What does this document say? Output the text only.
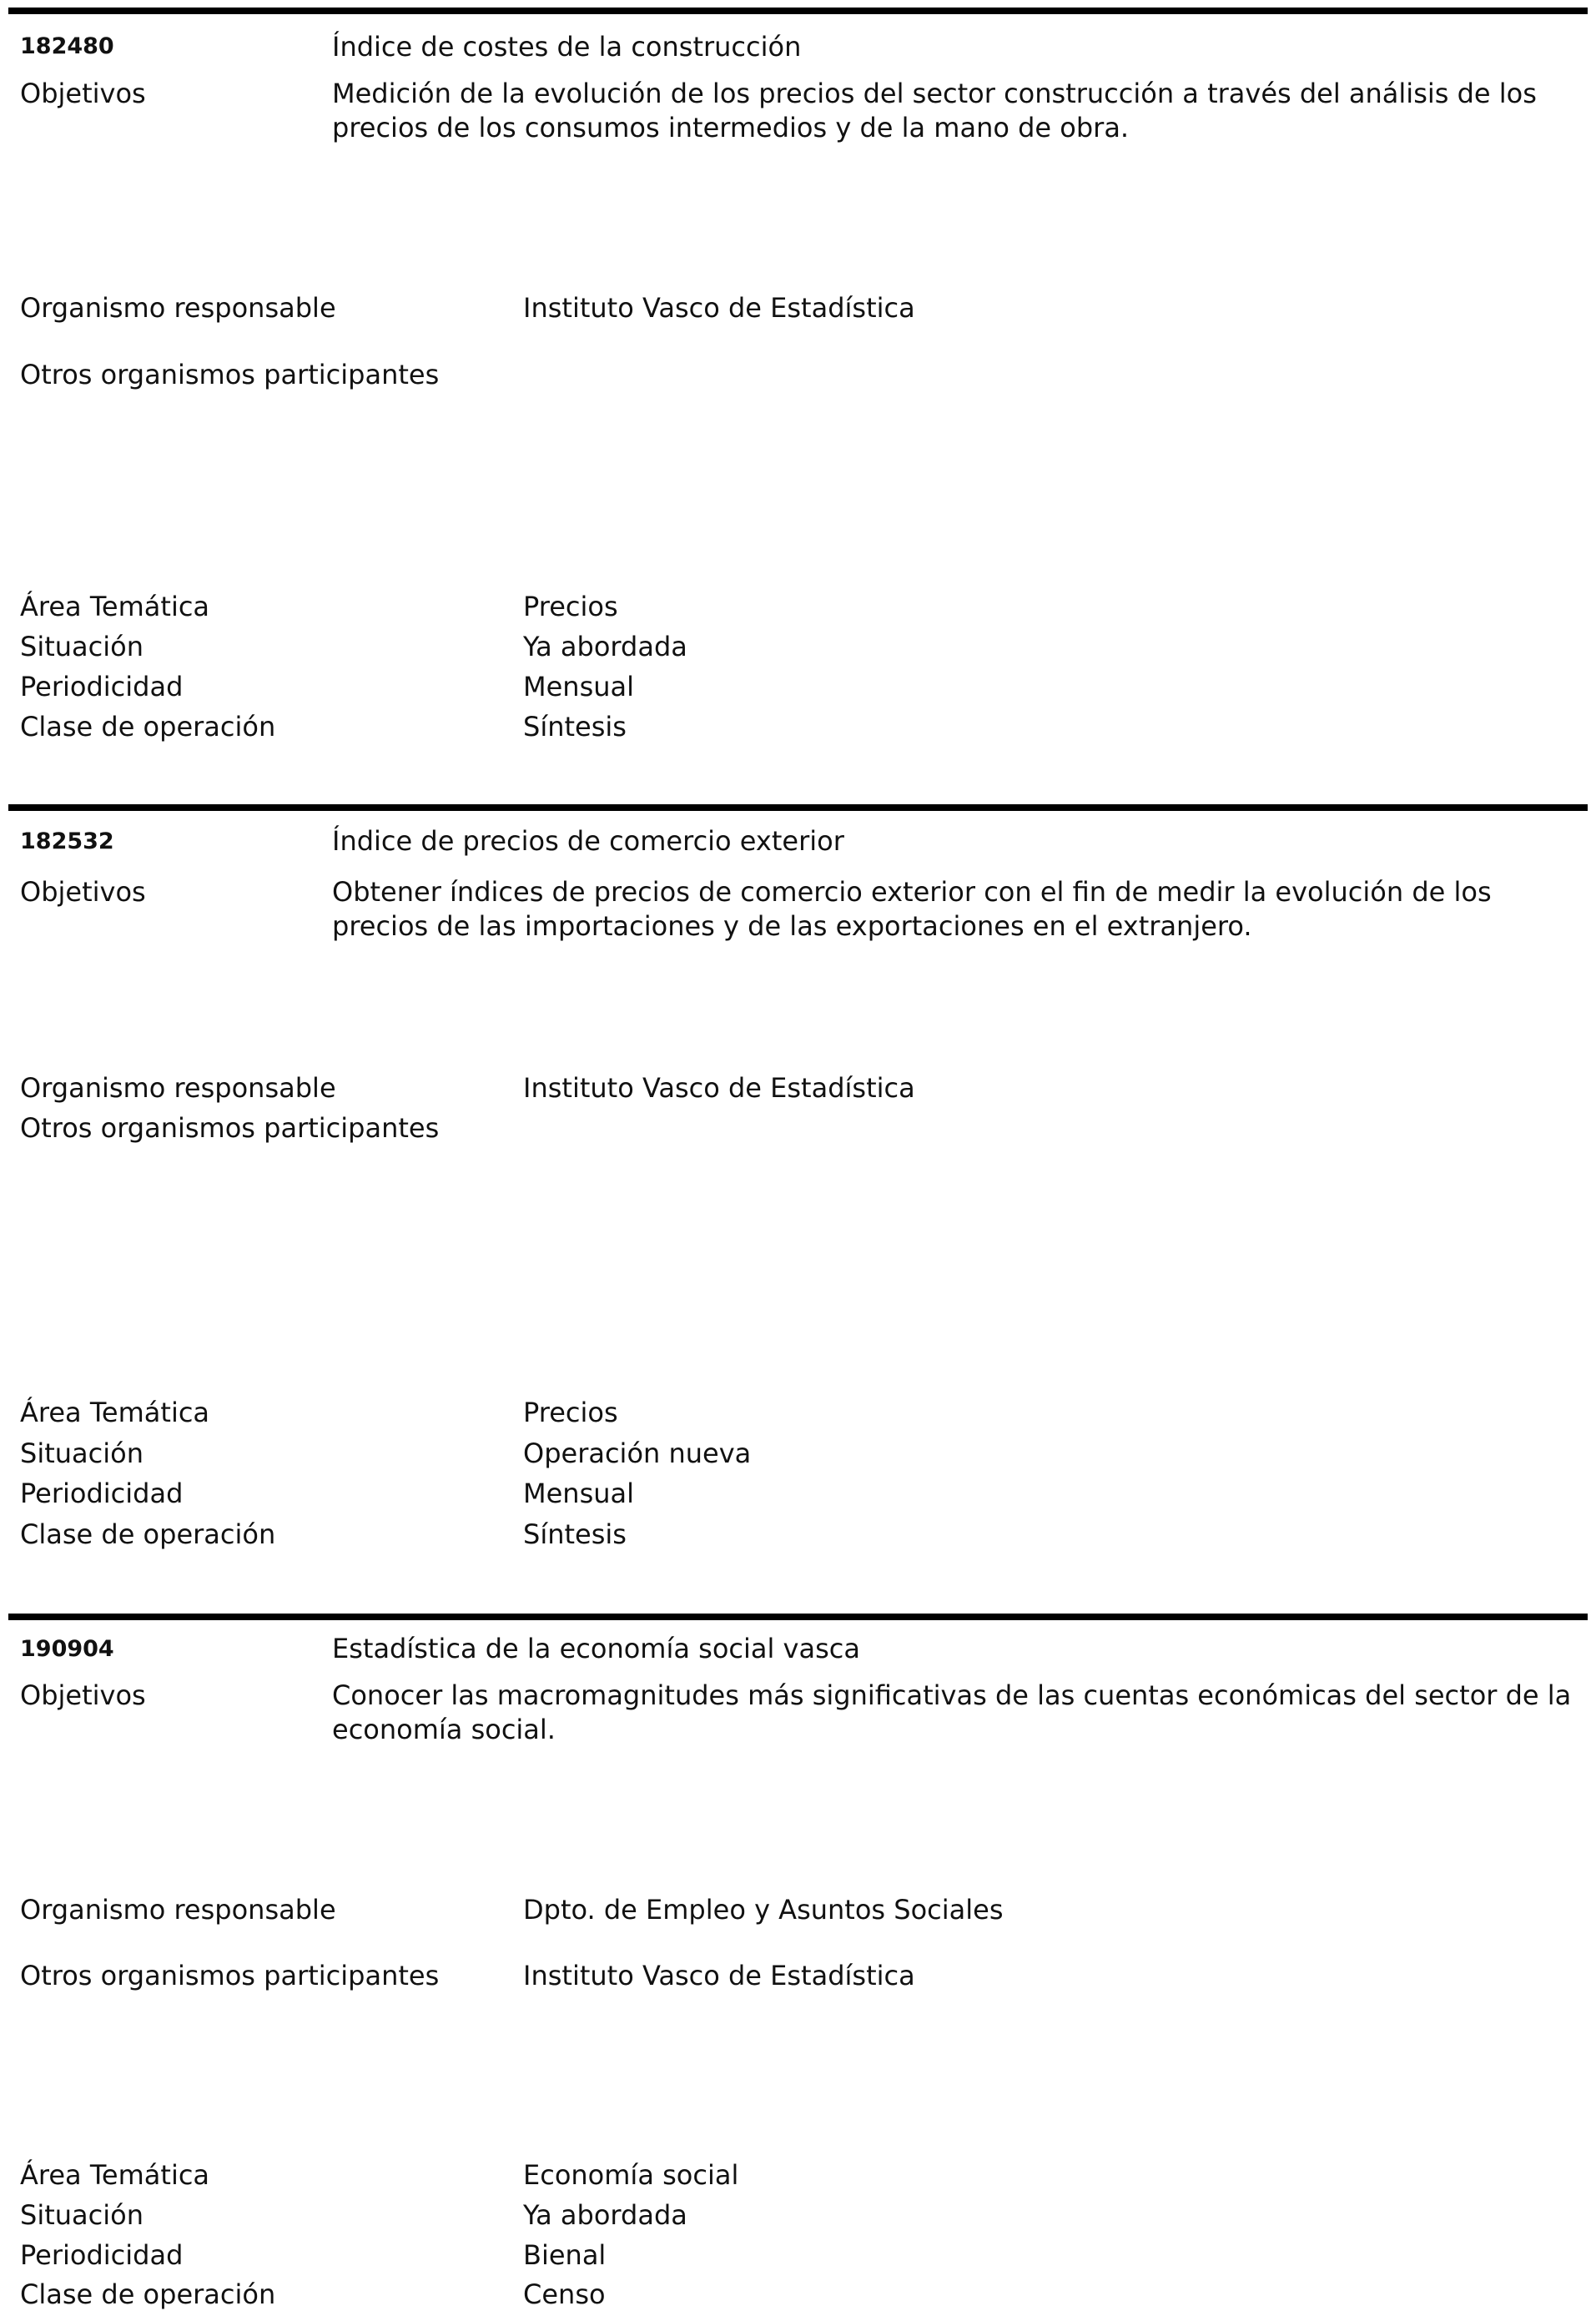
182480	Índice de costes de la construcción
Objetivos	Medición de la evolución de los precios del sector construcción a través del análisis de los
precios de los consumos intermedios y de la mano de obra.
Organismo responsable	Instituto Vasco de Estadística
Otros organismos participantes
Área Temática	Precios
Situación	Ya abordada
Periodicidad	Mensual
Clase de operación	Síntesis
182532	Índice de precios de comercio exterior
Objetivos	Obtener índices de precios de comercio exterior con el fin de medir la evolución de los
precios de las importaciones y de las exportaciones en el extranjero.
Organismo responsable	Instituto Vasco de Estadística
Otros organismos participantes
Área Temática	Precios
Situación	Operación nueva
Periodicidad	Mensual
Clase de operación	Síntesis
190904	Estadística de la economía social vasca
Objetivos	Conocer las macromagnitudes más significativas de las cuentas económicas del sector de la
economía social.
Organismo responsable	Dpto. de Empleo y Asuntos Sociales
Otros organismos participantes	Instituto Vasco de Estadística
Área Temática	Economía social
Situación	Ya abordada
Periodicidad	Bienal
Clase de operación	Censo
